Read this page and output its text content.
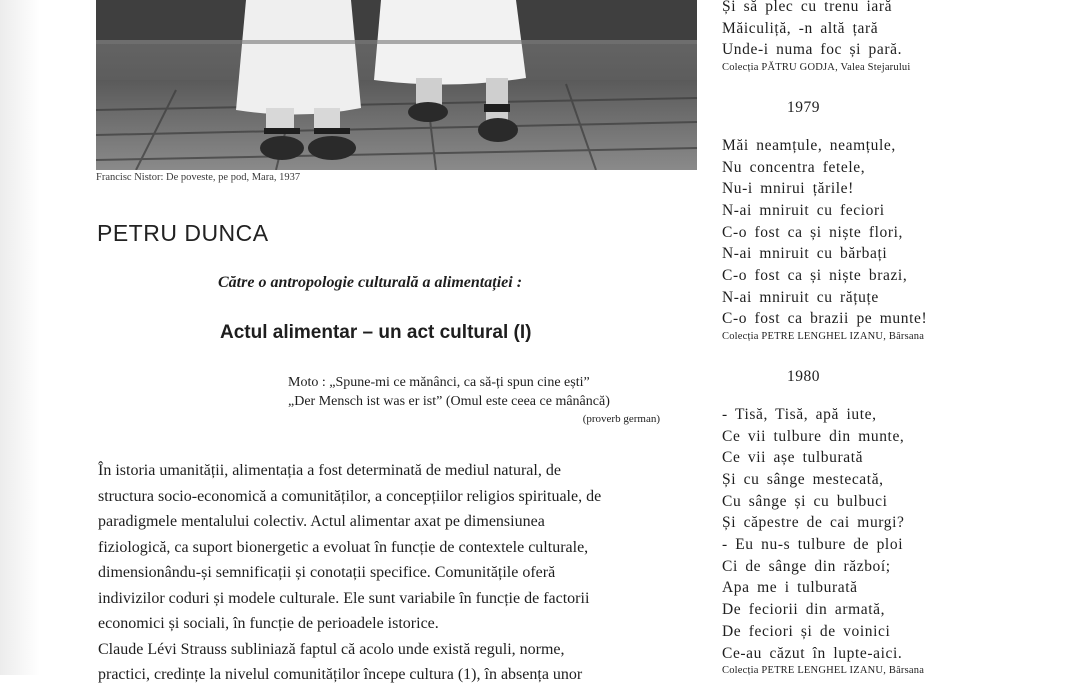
Francisc Nistor: De poveste, pe pod, Mara, 1937
PETRU DUNCA
Către o antropologie culturală a alimentației :
Actul alimentar – un act cultural (I)
Moto : „Spune-mi ce mănânci, ca să-ți spun cine ești”
„Der Mensch ist was er ist” (Omul este ceea ce mânâncă)
(proverb german)
În istoria umanității, alimentația a fost determinată de mediul natural, de
structura socio-economică a comunităților, a concepțiilor religios spirituale, de
paradigmele mentalului colectiv. Actul alimentar axat pe dimensiunea
fiziologică, ca suport bionergetic a evoluat în funcție de contextele culturale,
dimensionându-și semnificații și conotații specifice. Comunitățile oferă
indivizilor coduri și modele culturale. Ele sunt variabile în funcție de factorii
economici și sociali, în funcție de perioadele istorice.
Claude Lévi Strauss subliniază faptul că acolo unde există reguli, norme,
practici, credințe la nivelul comunităților începe cultura (1), în absența unor
Și să plec cu trenu iară
Măiculiță, -n altă țară
Unde-i numa foc și pară.
Colecția PĂTRU GODJA, Valea Stejarului
1979
Măi neamțule, neamțule,
Nu concentra fetele,
Nu-i mnirui țările!
N-ai mniruit cu feciori
C-o fost ca și niște flori,
N-ai mniruit cu bărbați
C-o fost ca și niște brazi,
N-ai mniruit cu rățuțe
C-o fost ca brazii pe munte!
Colecția PETRE LENGHEL IZANU, Bârsana
1980
- Tisă, Tisă, apă iute,
Ce vii tulbure din munte,
Ce vii așe tulburată
Și cu sânge mestecată,
Cu sânge și cu bulbuci
Și căpestre de cai murgi?
- Eu nu-s tulbure de ploi
Ci de sânge din războí;
Apa me i tulburată
De feciorii din armată,
De feciori și de voinici
Ce-au căzut în lupte-aici.
Colecția PETRE LENGHEL IZANU, Bârsana
